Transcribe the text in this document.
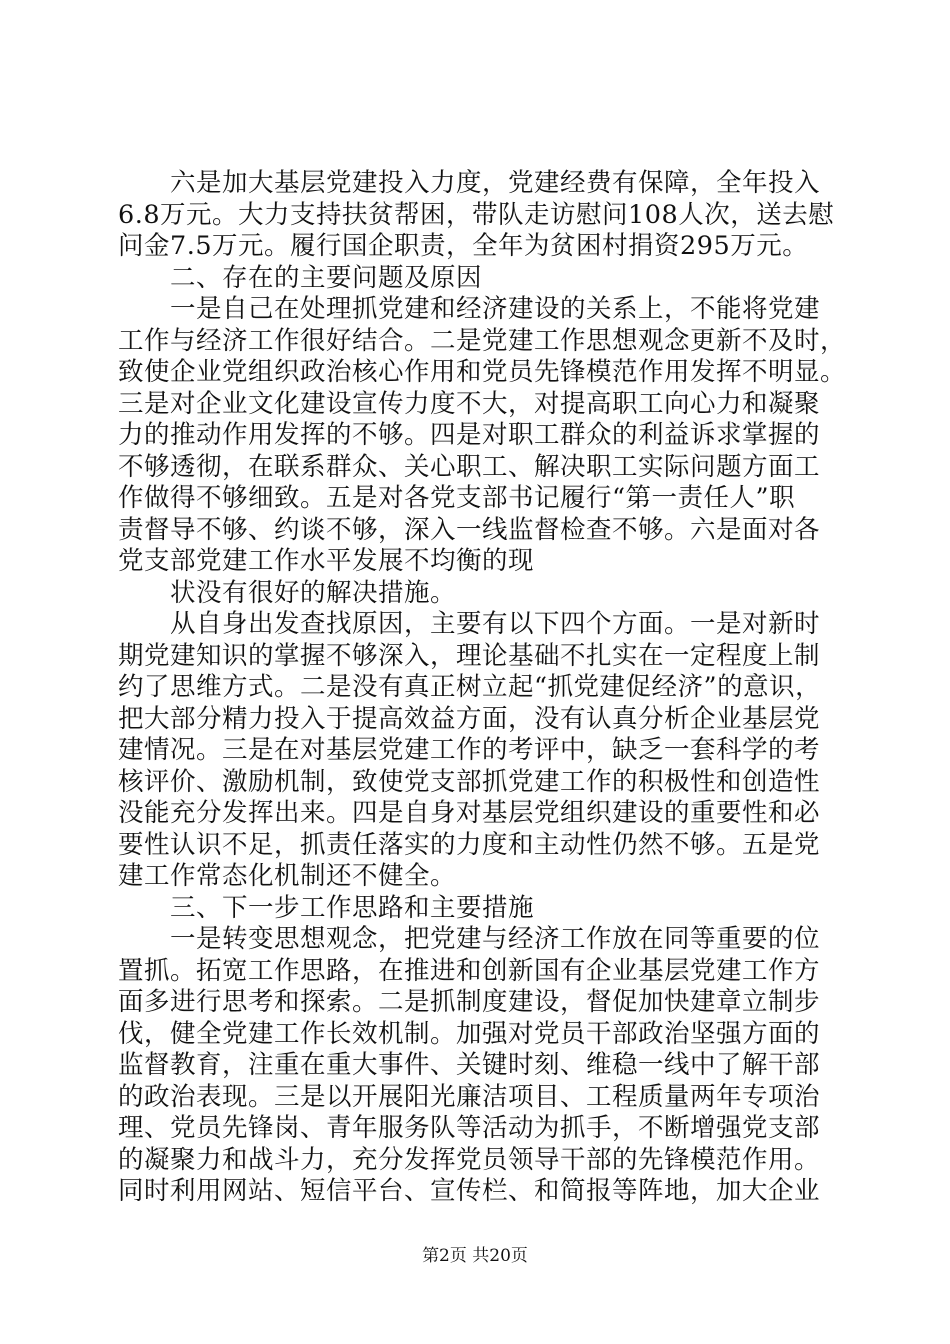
　　六是加大基层党建投入力度，党建经费有保障，全年投入
6.8万元。大力支持扶贫帮困，带队走访慰问108人次，送去慰
问金7.5万元。履行国企职责，全年为贫困村捐资295万元。
　　二、存在的主要问题及原因
　　一是自己在处理抓党建和经济建设的关系上，不能将党建
工作与经济工作很好结合。二是党建工作思想观念更新不及时，
致使企业党组织政治核心作用和党员先锋模范作用发挥不明显。
三是对企业文化建设宣传力度不大，对提高职工向心力和凝聚
力的推动作用发挥的不够。四是对职工群众的利益诉求掌握的
不够透彻，在联系群众、关心职工、解决职工实际问题方面工
作做得不够细致。五是对各党支部书记履行“第一责任人”职
责督导不够、约谈不够，深入一线监督检查不够。六是面对各
党支部党建工作水平发展不均衡的现
　　状没有很好的解决措施。
　　从自身出发查找原因，主要有以下四个方面。一是对新时
期党建知识的掌握不够深入，理论基础不扎实在一定程度上制
约了思维方式。二是没有真正树立起“抓党建促经济”的意识，
把大部分精力投入于提高效益方面，没有认真分析企业基层党
建情况。三是在对基层党建工作的考评中，缺乏一套科学的考
核评价、激励机制，致使党支部抓党建工作的积极性和创造性
没能充分发挥出来。四是自身对基层党组织建设的重要性和必
要性认识不足，抓责任落实的力度和主动性仍然不够。五是党
建工作常态化机制还不健全。
　　三、下一步工作思路和主要措施
　　一是转变思想观念，把党建与经济工作放在同等重要的位
置抓。拓宽工作思路，在推进和创新国有企业基层党建工作方
面多进行思考和探索。二是抓制度建设，督促加快建章立制步
伐，健全党建工作长效机制。加强对党员干部政治坚强方面的
监督教育，注重在重大事件、关键时刻、维稳一线中了解干部
的政治表现。三是以开展阳光廉洁项目、工程质量两年专项治
理、党员先锋岗、青年服务队等活动为抓手，不断增强党支部
的凝聚力和战斗力，充分发挥党员领导干部的先锋模范作用。
同时利用网站、短信平台、宣传栏、和简报等阵地，加大企业
第2页 共20页
